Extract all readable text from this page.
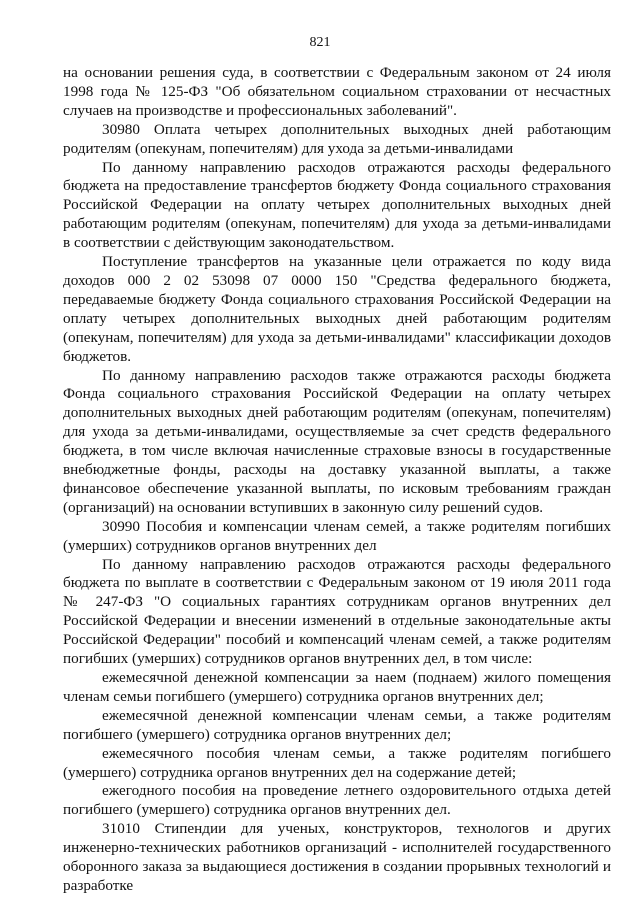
821

на основании решения суда, в соответствии с Федеральным законом от 24 июля 1998 года № 125-ФЗ "Об обязательном социальном страховании от несчастных случаев на производстве и профессиональных заболеваний".

30980 Оплата четырех дополнительных выходных дней работающим родителям (опекунам, попечителям) для ухода за детьми-инвалидами

По данному направлению расходов отражаются расходы федерального бюджета на предоставление трансфертов бюджету Фонда социального страхования Российской Федерации на оплату четырех дополнительных выходных дней работающим родителям (опекунам, попечителям) для ухода за детьми-инвалидами в соответствии с действующим законодательством.

Поступление трансфертов на указанные цели отражается по коду вида доходов 000 2 02 53098 07 0000 150 "Средства федерального бюджета, передаваемые бюджету Фонда социального страхования Российской Федерации на оплату четырех дополнительных выходных дней работающим родителям (опекунам, попечителям) для ухода за детьми-инвалидами" классификации доходов бюджетов.

По данному направлению расходов также отражаются расходы бюджета Фонда социального страхования Российской Федерации на оплату четырех дополнительных выходных дней работающим родителям (опекунам, попечителям) для ухода за детьми-инвалидами, осуществляемые за счет средств федерального бюджета, в том числе включая начисленные страховые взносы в государственные внебюджетные фонды, расходы на доставку указанной выплаты, а также финансовое обеспечение указанной выплаты, по исковым требованиям граждан (организаций) на основании вступивших в законную силу решений судов.

30990 Пособия и компенсации членам семей, а также родителям погибших (умерших) сотрудников органов внутренних дел

По данному направлению расходов отражаются расходы федерального бюджета по выплате в соответствии с Федеральным законом от 19 июля 2011 года № 247-ФЗ "О социальных гарантиях сотрудникам органов внутренних дел Российской Федерации и внесении изменений в отдельные законодательные акты Российской Федерации" пособий и компенсаций членам семей, а также родителям погибших (умерших) сотрудников органов внутренних дел, в том числе:

ежемесячной денежной компенсации за наем (поднаем) жилого помещения членам семьи погибшего (умершего) сотрудника органов внутренних дел;

ежемесячной денежной компенсации членам семьи, а также родителям погибшего (умершего) сотрудника органов внутренних дел;

ежемесячного пособия членам семьи, а также родителям погибшего (умершего) сотрудника органов внутренних дел на содержание детей;

ежегодного пособия на проведение летнего оздоровительного отдыха детей погибшего (умершего) сотрудника органов внутренних дел.

31010 Стипендии для ученых, конструкторов, технологов и других инженерно-технических работников организаций - исполнителей государственного оборонного заказа за выдающиеся достижения в создании прорывных технологий и разработке
